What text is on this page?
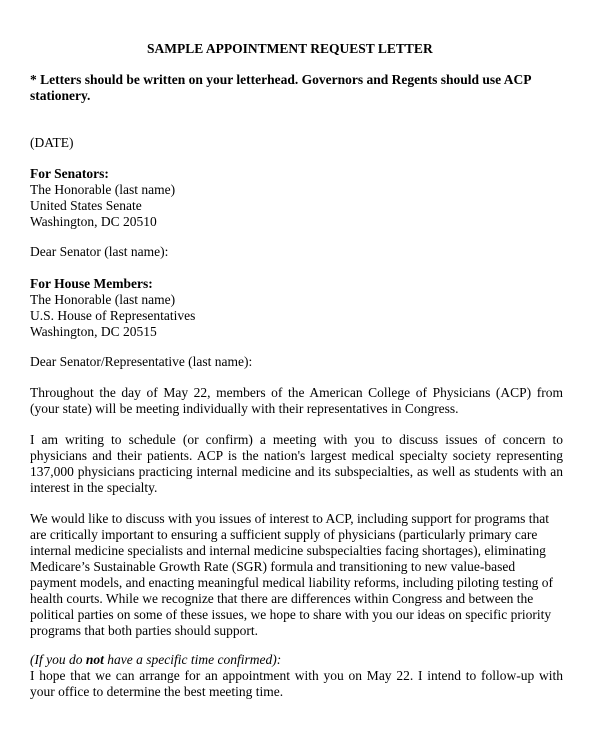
SAMPLE APPOINTMENT REQUEST LETTER
* Letters should be written on your letterhead. Governors and Regents should use ACP stationery.
(DATE)
For Senators:
The Honorable (last name)
United States Senate
Washington, DC 20510
Dear Senator (last name):
For House Members:
The Honorable (last name)
U.S. House of Representatives
Washington, DC 20515
Dear Senator/Representative (last name):
Throughout the day of May 22, members of the American College of Physicians (ACP) from (your state) will be meeting individually with their representatives in Congress.
I am writing to schedule (or confirm) a meeting with you to discuss issues of concern to physicians and their patients. ACP is the nation's largest medical specialty society representing 137,000 physicians practicing internal medicine and its subspecialties, as well as students with an interest in the specialty.
We would like to discuss with you issues of interest to ACP, including support for programs that
are critically important to ensuring a sufficient supply of physicians (particularly primary care
internal medicine specialists and internal medicine subspecialties facing shortages), eliminating
Medicare’s Sustainable Growth Rate (SGR) formula and transitioning to new value-based
payment models, and enacting meaningful medical liability reforms, including piloting testing of
health courts. While we recognize that there are differences within Congress and between the
political parties on some of these issues, we hope to share with you our ideas on specific priority
programs that both parties should support.
(If you do not have a specific time confirmed):
I hope that we can arrange for an appointment with you on May 22. I intend to follow-up with your office to determine the best meeting time.
